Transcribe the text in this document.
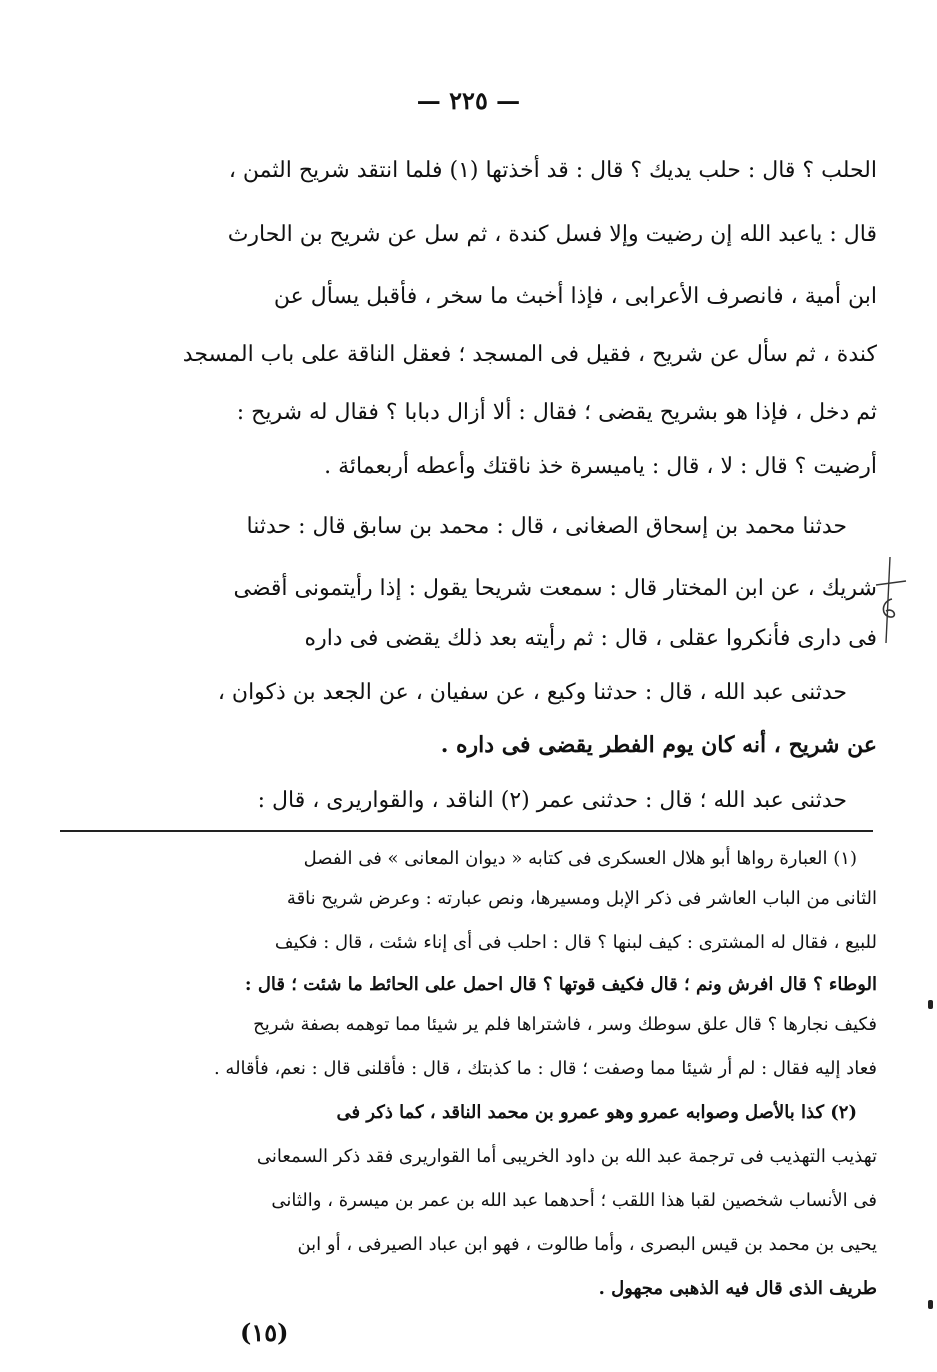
— ٢٢٥ —
الحلب ؟ قال : حلب يديك ؟ قال : قد أخذتها (١) فلما انتقد شريح الثمن ،
قال : ياعبد الله إن رضيت وإلا فسل كندة ، ثم سل عن شريح بن الحارث
ابن أمية ، فانصرف الأعرابى ، فإذا أخبث ما سخر ، فأقبل يسأل عن
كندة ، ثم سأل عن شريح ، فقيل فى المسجد ؛ فعقل الناقة على باب المسجد
ثم دخل ، فإذا هو بشريح يقضى ؛ فقال : ألا أزال دبابا ؟ فقال له شريح :
أرضيت ؟ قال : لا ، قال : ياميسرة خذ ناقتك وأعطه أربعمائة .
حدثنا محمد بن إسحاق الصغانى ، قال : محمد بن سابق قال : حدثنا
شريك ، عن ابن المختار قال : سمعت شريحا يقول : إذا رأيتمونى أقضى
فى دارى فأنكروا عقلى ، قال : ثم رأيته بعد ذلك يقضى فى داره
حدثنى عبد الله ، قال : حدثنا وكيع ، عن سفيان ، عن الجعد بن ذكوان ،
عن شريح ، أنه كان يوم الفطر يقضى فى داره .
حدثنى عبد الله ؛ قال : حدثنى عمر (٢) الناقد ، والقواريرى ، قال :
(١) العبارة رواها أبو هلال العسكرى فى كتابه « ديوان المعانى » فى الفصل
الثانى من الباب العاشر فى ذكر الإبل ومسيرها، ونص عبارته : وعرض شريح ناقة
للبيع ، فقال له المشترى : كيف لبنها ؟ قال : احلب فى أى إناء شئت ، قال : فكيف
الوطاء ؟ قال افرش ونم ؛ قال فكيف قوتها ؟ قال احمل على الحائط ما شئت ؛ قال :
فكيف نجارها ؟ قال علق سوطك وسر ، فاشتراها فلم ير شيئا مما توهمه بصفة شريح
فعاد إليه فقال : لم أر شيئا مما وصفت ؛ قال : ما كذبتك ، قال : فأقلنى قال : نعم، فأقاله .
(٢) كذا بالأصل وصوابه عمرو وهو عمرو بن محمد الناقد ، كما ذكر فى
تهذيب التهذيب فى ترجمة عبد الله بن داود الخريبى أما القواريرى فقد ذكر السمعانى
فى الأنساب شخصين لقبا هذا اللقب ؛ أحدهما عبد الله بن عمر بن ميسرة ، والثانى
يحيى بن محمد بن قيس البصرى ، وأما طالوت ، فهو ابن عباد الصيرفى ، أو ابن
طريف الذى قال فيه الذهبى مجهول .
(١٥)
